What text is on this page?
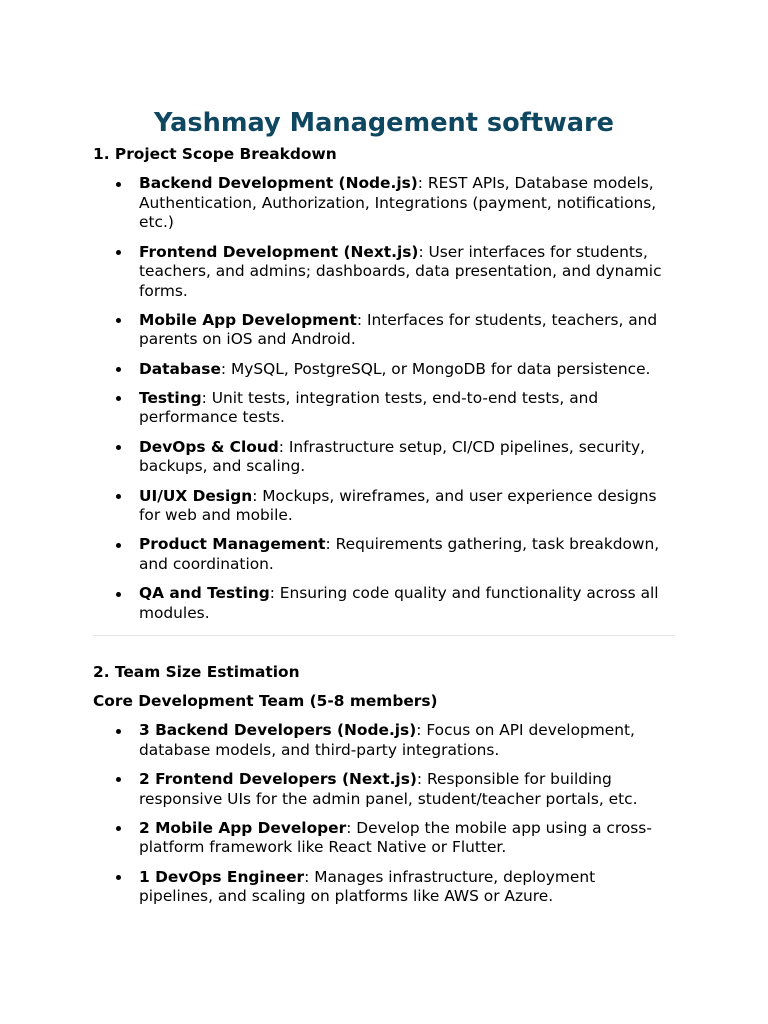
Yashmay Management software
1. Project Scope Breakdown
Backend Development (Node.js): REST APIs, Database models, Authentication, Authorization, Integrations (payment, notifications, etc.)
Frontend Development (Next.js): User interfaces for students, teachers, and admins; dashboards, data presentation, and dynamic forms.
Mobile App Development: Interfaces for students, teachers, and parents on iOS and Android.
Database: MySQL, PostgreSQL, or MongoDB for data persistence.
Testing: Unit tests, integration tests, end-to-end tests, and performance tests.
DevOps & Cloud: Infrastructure setup, CI/CD pipelines, security, backups, and scaling.
UI/UX Design: Mockups, wireframes, and user experience designs for web and mobile.
Product Management: Requirements gathering, task breakdown, and coordination.
QA and Testing: Ensuring code quality and functionality across all modules.
2. Team Size Estimation
Core Development Team (5-8 members)
3 Backend Developers (Node.js): Focus on API development, database models, and third-party integrations.
2 Frontend Developers (Next.js): Responsible for building responsive UIs for the admin panel, student/teacher portals, etc.
2 Mobile App Developer: Develop the mobile app using a cross-platform framework like React Native or Flutter.
1 DevOps Engineer: Manages infrastructure, deployment pipelines, and scaling on platforms like AWS or Azure.
